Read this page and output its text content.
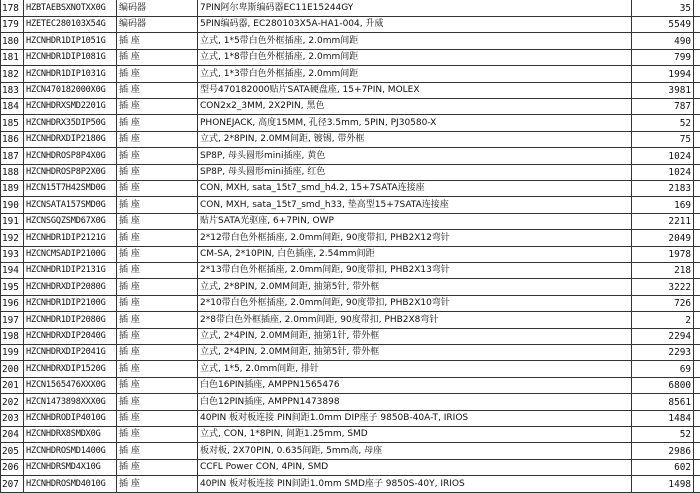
178 HZBTAEBSXNOTXX0G	编码器	7PIN阿尔卑斯编码器EC11E15244GY	35
179 HZETEC280103X54G	编码器	5PIN编码器, EC280103X5A-HA1-004, 升威	5549
180 HZCNHDR1DIP1051G	插 座	立式, 1*5带白色外框插座, 2.0mm间距	490
181 HZCNHDR1DIP1081G	插 座	立式, 1*8带白色外框插座, 2.0mm间距	799
182 HZCNHDR1DIP1031G	插 座	立式, 1*3带白色外框插座, 2.0mm间距	1994
183 HZCN470182000X0G	插 座	型号470182000贴片SATA硬盘座, 15+7PIN, MOLEX	3981
184 HZCNHDRXSMD2201G	插 座	CON2x2_3MM, 2X2PIN, 黑色	787
185 HZCNHDRX35DIP50G	插 座	PHONEJACK, 高度15MM, 孔径3.5mm, 5PIN, PJ30580-X	52
186 HZCNHDRXDIP2180G	插 座	立式, 2*8PIN, 2.0MM间距, 镀锡, 带外框	75
187 HZCNHDROSP8P4X0G	插 座	SP8P, 母头圆形mini插座, 黄色	1024
188 HZCNHDROSP8P2X0G	插 座	SP8P, 母头圆形mini插座, 红色	1024
189 HZCN15T7H42SMD0G	插 座	CON, MXH, sata_15t7_smd_h4.2, 15+7SATA连接座	2183
190 HZCNSATA157SMD0G	插 座	CON, MXH, sata_15t7_smd_h33, 垫高型15+7SATA连接座	169
191 HZCNSGQZSMD67X0G	插 座	贴片SATA光驱座, 6+7PIN, OWP	2211
192 HZCNHDR1DIP2121G	插 座	2*12带白色外框插座, 2.0mm间距, 90度带扣, PHB2X12弯针	2049
193 HZCNCMSADIP2100G	插 座	CM-SA, 2*10PIN, 白色插座, 2.54mm间距	1978
194 HZCNHDR1DIP2131G	插 座	2*13带白色外框插座, 2.0mm间距, 90度带扣, PHB2X13弯针	218
195 HZCNHDRXDIP2080G	插 座	立式, 2*8PIN, 2.0MM间距, 抽第5针, 带外框	3222
196 HZCNHDR1DIP2100G	插 座	2*10带白色外框插座, 2.0mm间距, 90度带扣, PHB2X10弯针	726
197 HZCNHDR1DIP2080G	插 座	2*8带白色外框插座, 2.0mm间距, 90度带扣, PHB2X8弯针	2
198 HZCNHDRXDIP2040G	插 座	立式, 2*4PIN, 2.0MM间距, 抽第1针, 带外框	2294
199 HZCNHDRXDIP2041G	插 座	立式, 2*4PIN, 2.0MM间距, 抽第5针, 带外框	2293
200 HZCNHDRXDIP1520G	插 座	立式, 1*5, 2.0mm间距, 排针	69
201 HZCN1565476XXX0G	插 座	白色16PIN插座, AMPPN1565476	6800
202 HZCN1473898XXX0G	插 座	白色12PIN插座, AMPPN1473898	8561
203 HZCNHDRODIP4010G	插 座	40PIN 板对板连接 PIN间距1.0mm DIP座子 9850B-40A-T, IRIOS	1484
204 HZCNHDRX8SMDX0G	插 座	立式, CON, 1*8PIN, 间距1.25mm, SMD	52
205 HZCNHDROSMD1400G	插 座	板对板, 2X70PIN, 0.635间距, 5mm高, 母座	2986
206 HZCNHDRSMD4X10G	插 座	CCFL Power CON, 4PIN, SMD	602
207 HZCNHDROSMD4010G	插 座	40PIN 板对板连接 PIN间距1.0mm SMD座子 9850S-40Y, IRIOS	1498
